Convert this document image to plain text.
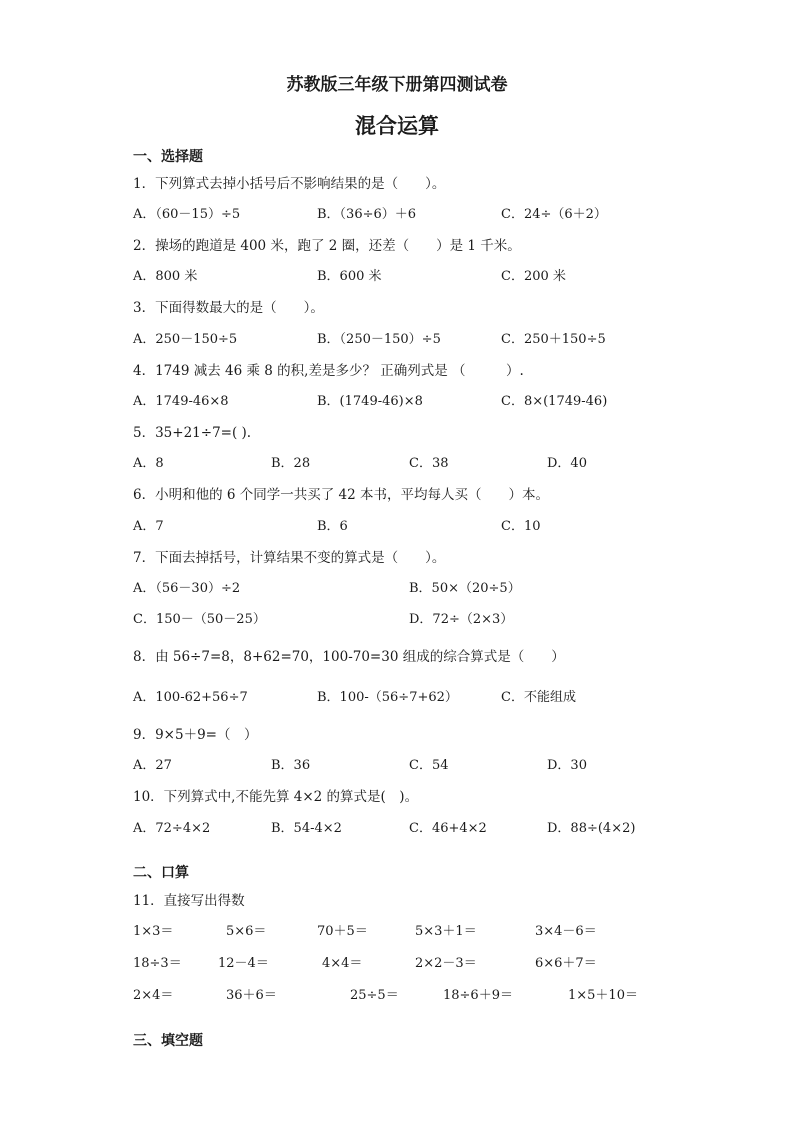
苏教版三年级下册第四测试卷
混合运算
一、选择题
1．下列算式去掉小括号后不影响结果的是（　　）。
A．（60－15）÷5	B．（36÷6）＋6	C．24÷（6＋2）
2．操场的跑道是 400 米，跑了 2 圈，还差（　　）是 1 千米。
A．800 米	B．600 米	C．200 米
3．下面得数最大的是（　　）。
A．250－150÷5	B．（250－150）÷5	C．250＋150÷5
4．1749 减去 46 乘 8 的积,差是多少？ 正确列式是 （　　　）.
A．1749-46×8	B．(1749-46)×8	C．8×(1749-46)
5．35+21÷7=( ).
A．8	B．28	C．38	D．40
6．小明和他的 6 个同学一共买了 42 本书，平均每人买（　　）本。
A．7	B．6	C．10
7．下面去掉括号，计算结果不变的算式是（　　）。
A．（56－30）÷2	B．50×（20÷5）
C．150－（50－25）	D．72÷（2×3）
8．由 56÷7=8，8+62=70，100-70=30 组成的综合算式是（　　）
A．100-62+56÷7	B．100-（56÷7+62）	C．不能组成
9．9×5＋9=（　）
A．27	B．36	C．54	D．30
10．下列算式中,不能先算 4×2 的算式是(　)。
A．72÷4×2	B．54-4×2	C．46+4×2	D．88÷(4×2)
二、口算
11．直接写出得数
1×3＝	5×6＝	70＋5＝	5×3＋1＝	3×4－6＝
18÷3＝	12－4＝	4×4＝	2×2－3＝	6×6＋7＝
2×4＝	36＋6＝	25÷5＝	18÷6＋9＝	1×5＋10＝
三、填空题
